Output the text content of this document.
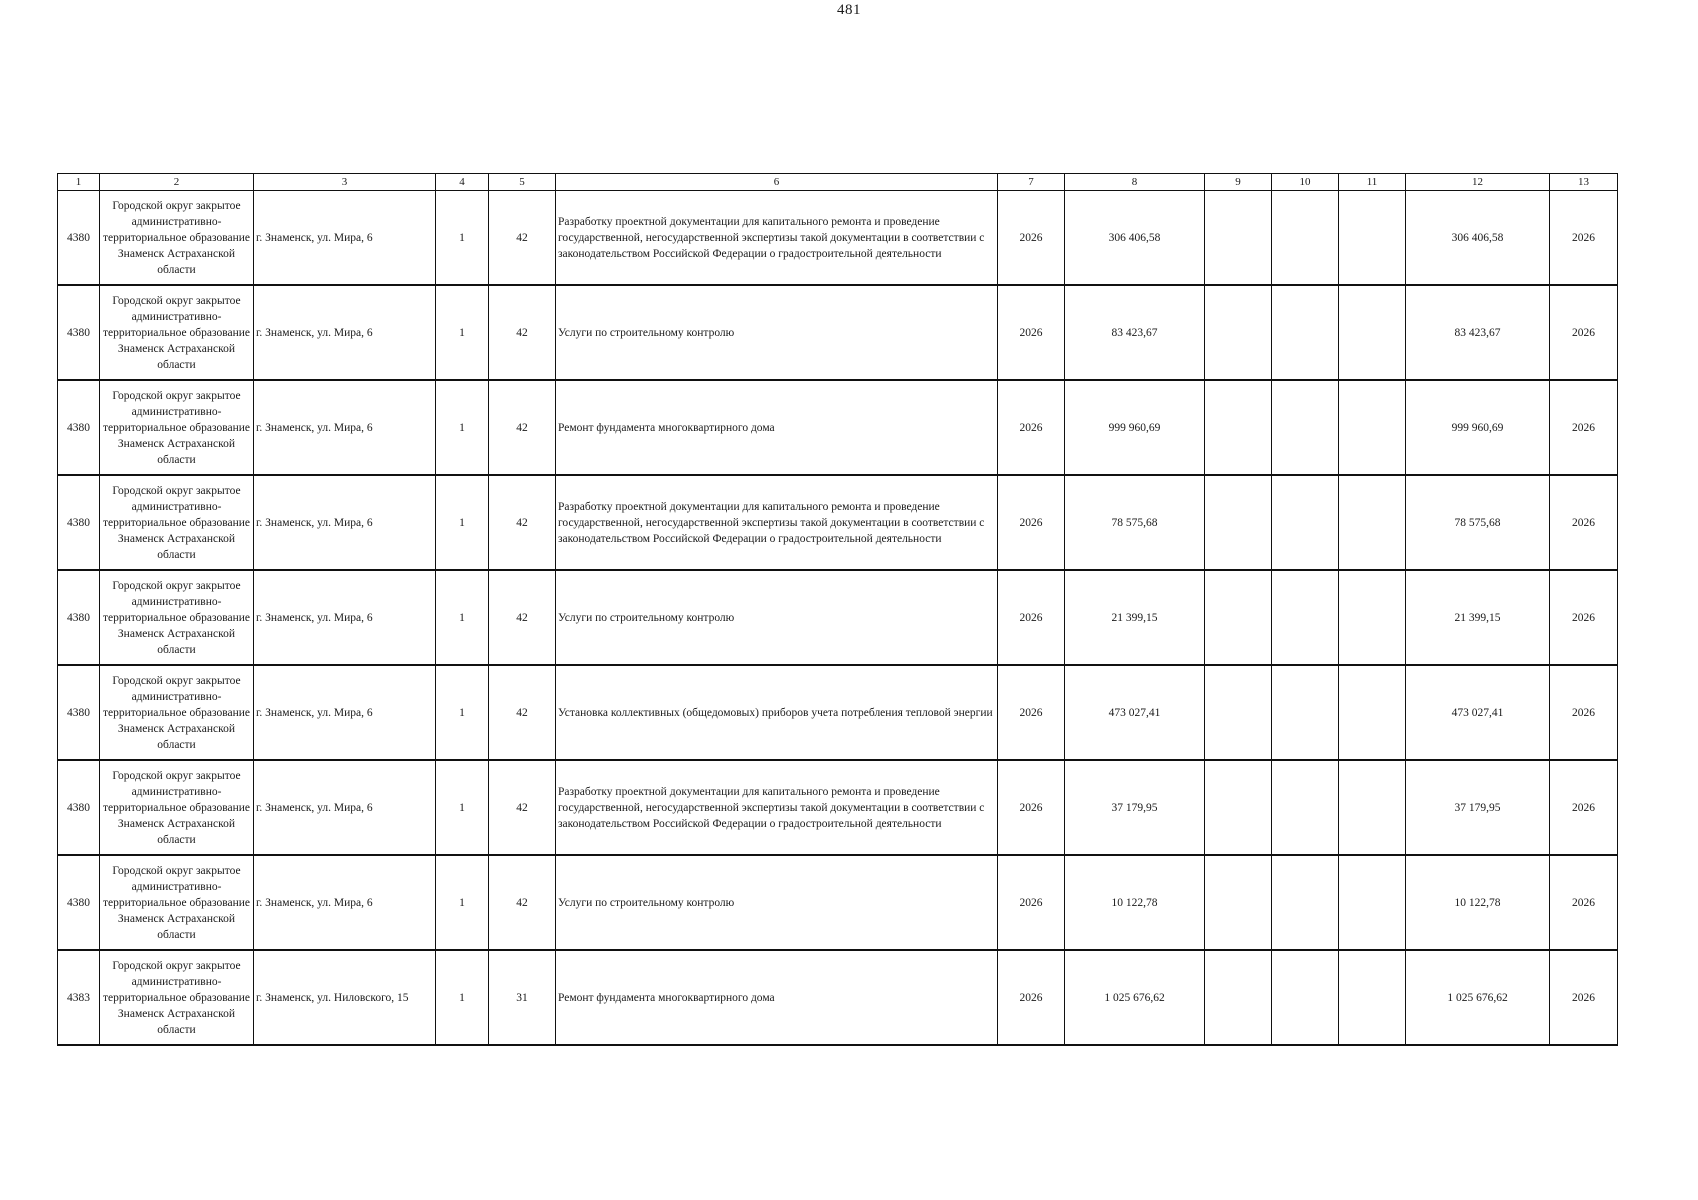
481
1	2	3	4	5	6	7	8	9	10	11	12	13
4380	Городской округ закрытое административно-территориальное образование Знаменск Астраханской области	г. Знаменск, ул. Мира, 6	1	42	Разработку проектной документации для капитального ремонта и проведение государственной, негосударственной экспертизы такой документации в соответствии с законодательством Российской Федерации о градостроительной деятельности	2026	306 406,58				306 406,58	2026
4380	Городской округ закрытое административно-территориальное образование Знаменск Астраханской области	г. Знаменск, ул. Мира, 6	1	42	Услуги по строительному контролю	2026	83 423,67				83 423,67	2026
4380	Городской округ закрытое административно-территориальное образование Знаменск Астраханской области	г. Знаменск, ул. Мира, 6	1	42	Ремонт фундамента многоквартирного дома	2026	999 960,69				999 960,69	2026
4380	Городской округ закрытое административно-территориальное образование Знаменск Астраханской области	г. Знаменск, ул. Мира, 6	1	42	Разработку проектной документации для капитального ремонта и проведение государственной, негосударственной экспертизы такой документации в соответствии с законодательством Российской Федерации о градостроительной деятельности	2026	78 575,68				78 575,68	2026
4380	Городской округ закрытое административно-территориальное образование Знаменск Астраханской области	г. Знаменск, ул. Мира, 6	1	42	Услуги по строительному контролю	2026	21 399,15				21 399,15	2026
4380	Городской округ закрытое административно-территориальное образование Знаменск Астраханской области	г. Знаменск, ул. Мира, 6	1	42	Установка коллективных (общедомовых) приборов учета потребления тепловой энергии	2026	473 027,41				473 027,41	2026
4380	Городской округ закрытое административно-территориальное образование Знаменск Астраханской области	г. Знаменск, ул. Мира, 6	1	42	Разработку проектной документации для капитального ремонта и проведение государственной, негосударственной экспертизы такой документации в соответствии с законодательством Российской Федерации о градостроительной деятельности	2026	37 179,95				37 179,95	2026
4380	Городской округ закрытое административно-территориальное образование Знаменск Астраханской области	г. Знаменск, ул. Мира, 6	1	42	Услуги по строительному контролю	2026	10 122,78				10 122,78	2026
4383	Городской округ закрытое административно-территориальное образование Знаменск Астраханской области	г. Знаменск, ул. Ниловского, 15	1	31	Ремонт фундамента многоквартирного дома	2026	1 025 676,62				1 025 676,62	2026
